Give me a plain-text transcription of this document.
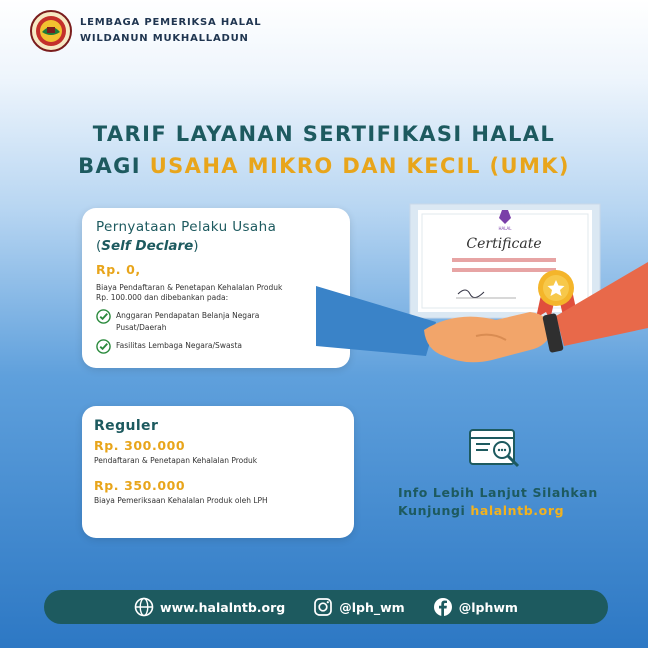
LEMBAGA PEMERIKSA HALAL
WILDANUN MUKHALLADUN
TARIF LAYANAN SERTIFIKASI HALAL
BAGI USAHA MIKRO DAN KECIL (UMK)
Pernyataan Pelaku Usaha
(Self Declare)
Rp. 0,
Biaya Pendaftaran & Penetapan Kehalalan Produk
Rp. 100.000 dan dibebankan pada:
Anggaran Pendapatan Belanja Negara
Pusat/Daerah
Fasilitas Lembaga Negara/Swasta
Reguler
Rp. 300.000
Pendaftaran & Penetapan Kehalalan Produk
Rp. 350.000
Biaya Pemeriksaan Kehalalan Produk oleh LPH
HALAL
Certificate
Info Lebih Lanjut Silahkan
Kunjungi halalntb.org
www.halalntb.org	@lph_wm	@lphwm
